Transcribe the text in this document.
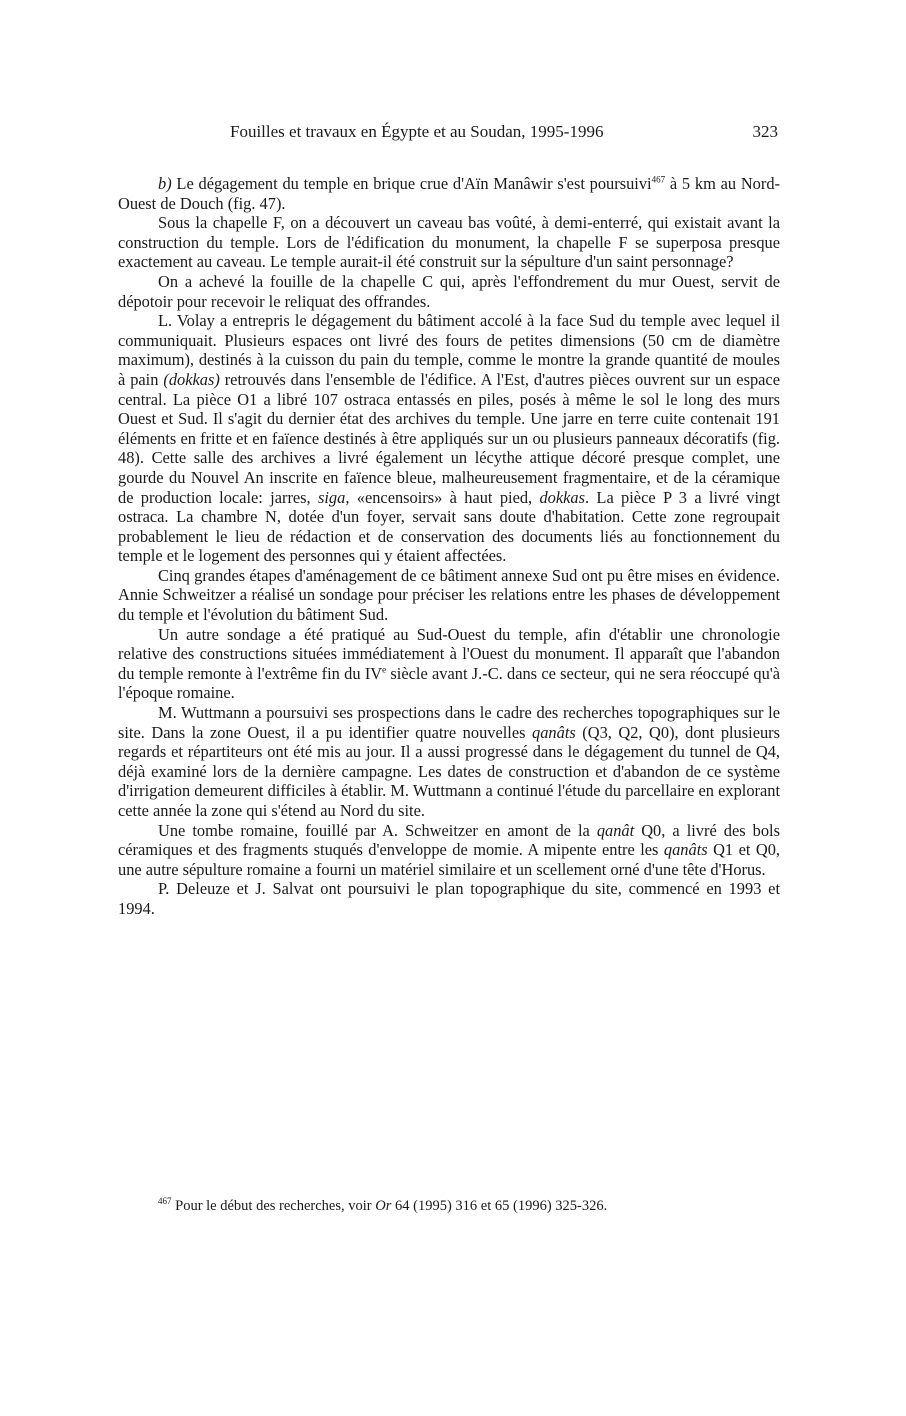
Fouilles et travaux en Égypte et au Soudan, 1995-1996	323

b) Le dégagement du temple en brique crue d'Aïn Manâwir s'est poursuivi$^{467}$ à 5 km au Nord-Ouest de Douch (fig. 47).

Sous la chapelle F, on a découvert un caveau bas voûté, à demi-enterré, qui existait avant la construction du temple. Lors de l'édification du monument, la chapelle F se superposa presque exactement au caveau. Le temple aurait-il été construit sur la sépulture d'un saint personnage?

On a achevé la fouille de la chapelle C qui, après l'effondrement du mur Ouest, servit de dépotoir pour recevoir le reliquat des offrandes.

L. Volay a entrepris le dégagement du bâtiment accolé à la face Sud du temple avec lequel il communiquait. Plusieurs espaces ont livré des fours de petites dimensions (50 cm de diamètre maximum), destinés à la cuisson du pain du temple, comme le montre la grande quantité de moules à pain (dokkas) retrouvés dans l'ensemble de l'édifice. A l'Est, d'autres pièces ouvrent sur un espace central. La pièce O1 a libré 107 ostraca entassés en piles, posés à même le sol le long des murs Ouest et Sud. Il s'agit du dernier état des archives du temple. Une jarre en terre cuite contenait 191 éléments en fritte et en faïence destinés à être appliqués sur un ou plusieurs panneaux décoratifs (fig. 48). Cette salle des archives a livré également un lécythe attique décoré presque complet, une gourde du Nouvel An inscrite en faïence bleue, malheureusement fragmentaire, et de la céramique de production locale: jarres, siga, «encensoirs» à haut pied, dokkas. La pièce P 3 a livré vingt ostraca. La chambre N, dotée d'un foyer, servait sans doute d'habitation. Cette zone regroupait probablement le lieu de rédaction et de conservation des documents liés au fonctionnement du temple et le logement des personnes qui y étaient affectées.

Cinq grandes étapes d'aménagement de ce bâtiment annexe Sud ont pu être mises en évidence. Annie Schweitzer a réalisé un sondage pour préciser les relations entre les phases de développement du temple et l'évolution du bâtiment Sud.

Un autre sondage a été pratiqué au Sud-Ouest du temple, afin d'établir une chronologie relative des constructions situées immédiatement à l'Ouest du monument. Il apparaît que l'abandon du temple remonte à l'extrême fin du IVe siècle avant J.-C. dans ce secteur, qui ne sera réoccupé qu'à l'époque romaine.

M. Wuttmann a poursuivi ses prospections dans le cadre des recherches topographiques sur le site. Dans la zone Ouest, il a pu identifier quatre nouvelles qanâts (Q3, Q2, Q0), dont plusieurs regards et répartiteurs ont été mis au jour. Il a aussi progressé dans le dégagement du tunnel de Q4, déjà examiné lors de la dernière campagne. Les dates de construction et d'abandon de ce système d'irrigation demeurent difficiles à établir. M. Wuttmann a continué l'étude du parcellaire en explorant cette année la zone qui s'étend au Nord du site.

Une tombe romaine, fouillé par A. Schweitzer en amont de la qanât Q0, a livré des bols céramiques et des fragments stuqués d'enveloppe de momie. A mipente entre les qanâts Q1 et Q0, une autre sépulture romaine a fourni un matériel similaire et un scellement orné d'une tête d'Horus.

P. Deleuze et J. Salvat ont poursuivi le plan topographique du site, commencé en 1993 et 1994.

$^{467}$ Pour le début des recherches, voir Or 64 (1995) 316 et 65 (1996) 325-326.
